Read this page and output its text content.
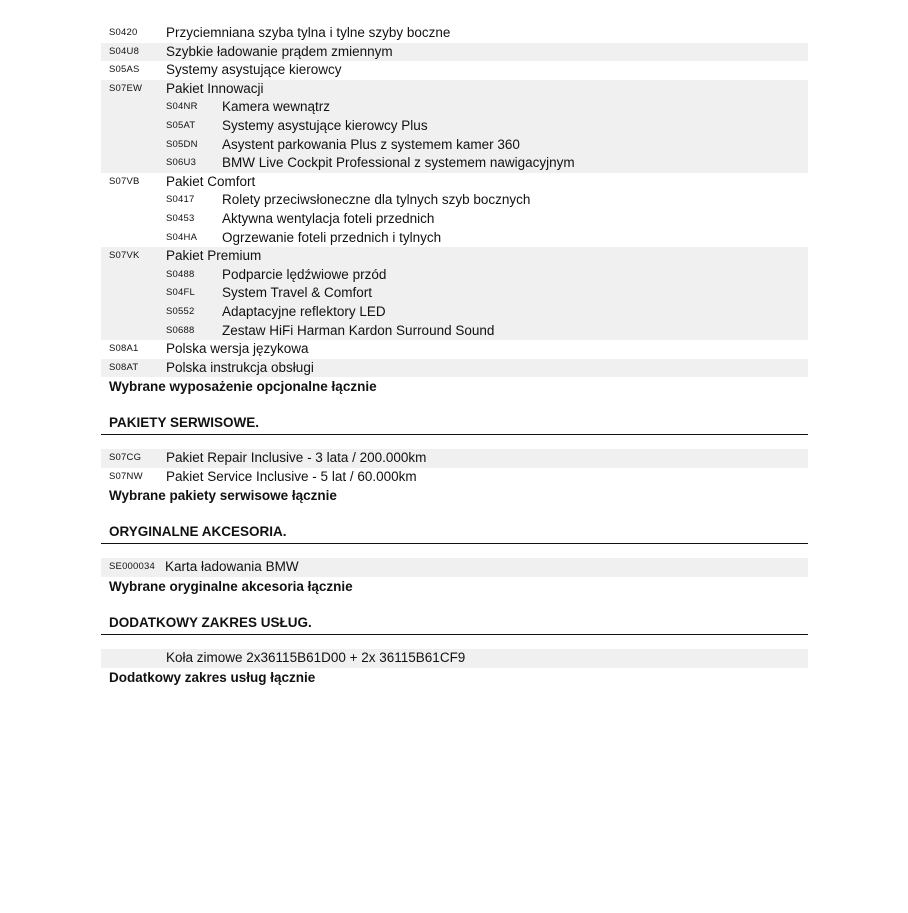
S0420 Przyciemniana szyba tylna i tylne szyby boczne
S04U8 Szybkie ładowanie prądem zmiennym
S05AS Systemy asystujące kierowcy
S07EW Pakiet Innowacji
S04NR Kamera wewnątrz
S05AT Systemy asystujące kierowcy Plus
S05DN Asystent parkowania Plus z systemem kamer 360
S06U3 BMW Live Cockpit Professional z systemem nawigacyjnym
S07VB Pakiet Comfort
S0417 Rolety przeciwsłoneczne dla tylnych szyb bocznych
S0453 Aktywna wentylacja foteli przednich
S04HA Ogrzewanie foteli przednich i tylnych
S07VK Pakiet Premium
S0488 Podparcie lędźwiowe przód
S04FL System Travel & Comfort
S0552 Adaptacyjne reflektory LED
S0688 Zestaw HiFi Harman Kardon Surround Sound
S08A1 Polska wersja językowa
S08AT Polska instrukcja obsługi
Wybrane wyposażenie opcjonalne łącznie
PAKIETY SERWISOWE.
S07CG Pakiet Repair Inclusive - 3 lata / 200.000km
S07NW Pakiet Service Inclusive - 5 lat / 60.000km
Wybrane pakiety serwisowe łącznie
ORYGINALNE AKCESORIA.
SE000034 Karta ładowania BMW
Wybrane oryginalne akcesoria łącznie
DODATKOWY ZAKRES USŁUG.
Koła zimowe 2x36115B61D00 + 2x 36115B61CF9
Dodatkowy zakres usług łącznie
